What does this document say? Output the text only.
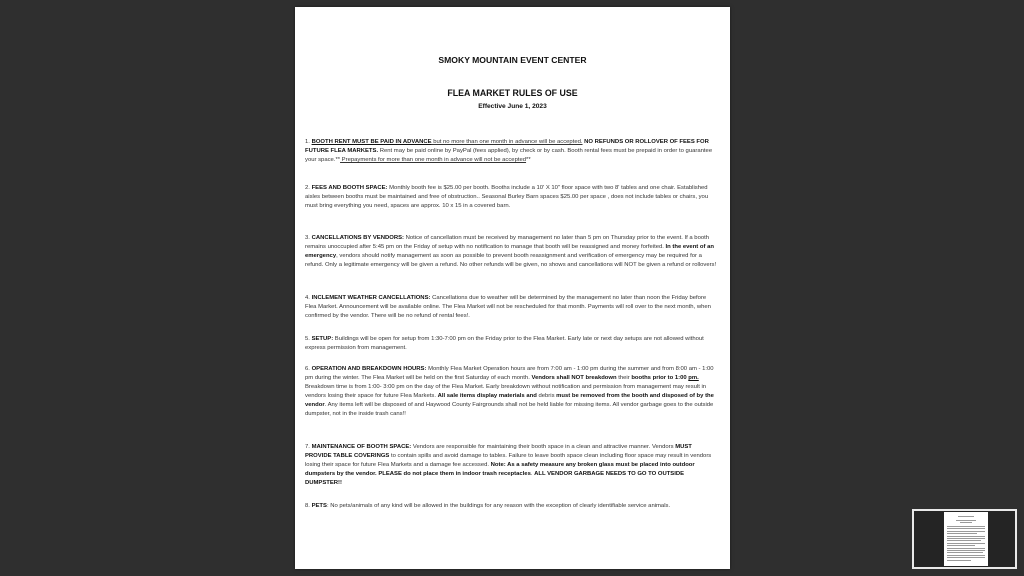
SMOKY MOUNTAIN EVENT CENTER
FLEA MARKET RULES OF USE
Effective June 1, 2023
1. BOOTH RENT MUST BE PAID IN ADVANCE but no more than one month in advance will be accepted. NO REFUNDS OR ROLLOVER OF FEES FOR FUTURE FLEA MARKETS. Rent may be paid online by PayPal (fees applied), by check or by cash. Booth rental fees must be prepaid in order to guarantee your space.** Prepayments for more than one month in advance will not be accepted**
2. FEES AND BOOTH SPACE: Monthly booth fee is $25.00 per booth. Booths include a 10' X 10" floor space with two 8' tables and one chair. Established aisles between booths must be maintained and free of obstruction.. Seasonal Burley Barn spaces $25.00 per space , does not include tables or chairs, you must bring everything you need, spaces are approx. 10 x 15 in a covered barn.
3. CANCELLATIONS BY VENDORS: Notice of cancellation must be received by management no later than 5 pm on Thursday prior to the event. If a booth remains unoccupied after 5:45 pm on the Friday of setup with no notification to manage that booth will be reassigned and money forfeited. In the event of an emergency, vendors should notify management as soon as possible to prevent booth reassignment and verification of emergency may be required for a refund. Only a legitimate emergency will be given a refund. No other refunds will be given, no shows and cancellations will NOT be given a refund or rollovers!
4. INCLEMENT WEATHER CANCELLATIONS: Cancellations due to weather will be determined by the management no later than noon the Friday before Flea Market. Announcement will be available online. The Flea Market will not be rescheduled for that month. Payments will roll over to the next month, when confirmed by the vendor. There will be no refund of rental fees!.
5. SETUP: Buildings will be open for setup from 1:30-7:00 pm on the Friday prior to the Flea Market. Early late or next day setups are not allowed without express permission from management.
6. OPERATION AND BREAKDOWN HOURS: Monthly Flea Market Operation hours are from 7:00 am - 1:00 pm during the summer and from 8:00 am - 1:00 pm during the winter. The Flea Market will be held on the first Saturday of each month. Vendors shall NOT breakdown their booths prior to 1:00 pm. Breakdown time is from 1:00- 3:00 pm on the day of the Flea Market. Early breakdown without notification and permission from management may result in vendors losing their space for future Flea Markets. All sale items display materials and debris must be removed from the booth and disposed of by the vendor. Any items left will be disposed of and Haywood County Fairgrounds shall not be held liable for missing items. All vendor garbage goes to the outside dumpster, not in the inside trash cans!!
7. MAINTENANCE OF BOOTH SPACE: Vendors are responsible for maintaining their booth space in a clean and attractive manner. Vendors MUST PROVIDE TABLE COVERINGS to contain spills and avoid damage to tables. Failure to leave booth space clean including floor space may result in vendors losing their space for future Flea Markets and a damage fee accessed. Note: As a safety measure any broken glass must be placed into outdoor dumpsters by the vendor. PLEASE do not place them in indoor trash receptacles. ALL VENDOR GARBAGE NEEDS TO GO TO OUTSIDE DUMPSTER!!
8. PETS: No pets/animals of any kind will be allowed in the buildings for any reason with the exception of clearly identifiable service animals.
